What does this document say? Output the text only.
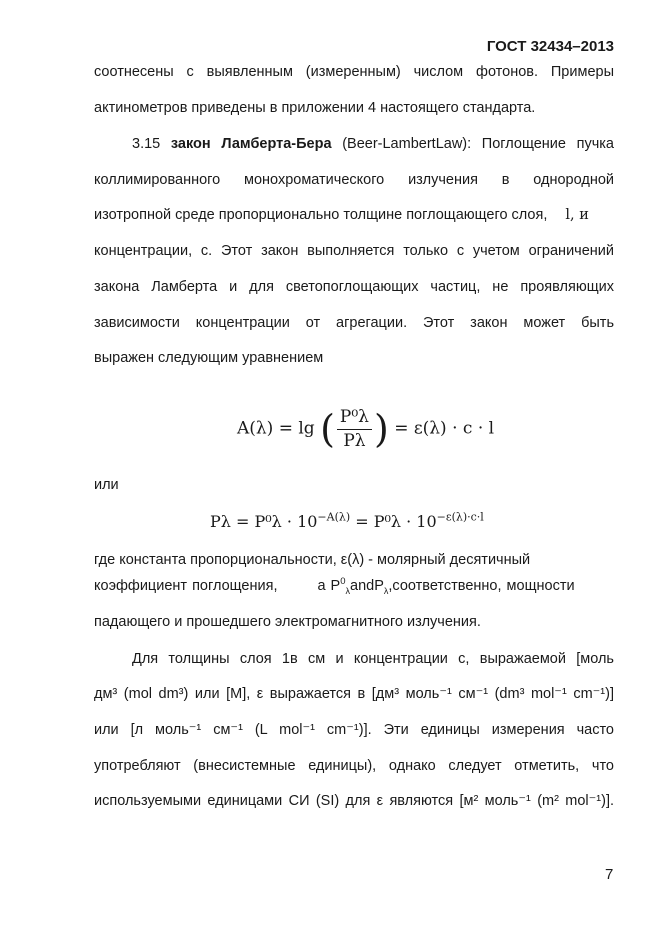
ГОСТ 32434–2013
соотнесены с выявленным (измеренным) числом фотонов. Примеры
актинометров приведены в приложении 4 настоящего стандарта.
3.15 закон Ламберта-Бера (Beer-LambertLaw): Поглощение пучка
коллимированного монохроматического излучения в однородной
изотропной среде пропорционально толщине поглощающего слоя, l, и
концентрации, с. Этот закон выполняется только с учетом ограничений
закона Ламберта и для светопоглощающих частиц, не проявляющих
зависимости концентрации от агрегации. Этот закон может быть
выражен следующим уравнением
A(λ) = lg ( $\frac{\text{P⁰λ}}{P\lambda}$ ) = ε(λ) · c · l
или
$P\lambda = P^0\lambda \cdot 10^{-A(\lambda)} = P^0\lambda \cdot 10^{-\varepsilon(\lambda)\cdot c\cdot l}$
где константа пропорциональности, ε(λ) - молярный десятичный
коэффициент поглощения,	а $P^0_\lambda andP_\lambda,соответственно$, мощности
падающего и прошедшего электромагнитного излучения.
Для толщины слоя 1в см и концентрации с, выражаемой [моль
дм³ (mol dm³) или [М], ε выражается в [дм³ моль⁻¹ см⁻¹ (dm³ mol⁻¹ cm⁻¹)]
или [л моль⁻¹ см⁻¹ (L mol⁻¹ cm⁻¹)]. Эти единицы измерения часто
употребляют (внесистемные единицы), однако следует отметить, что
используемыми единицами СИ (SI) для ε являются [м² моль⁻¹ (m² mol⁻¹)].
7
